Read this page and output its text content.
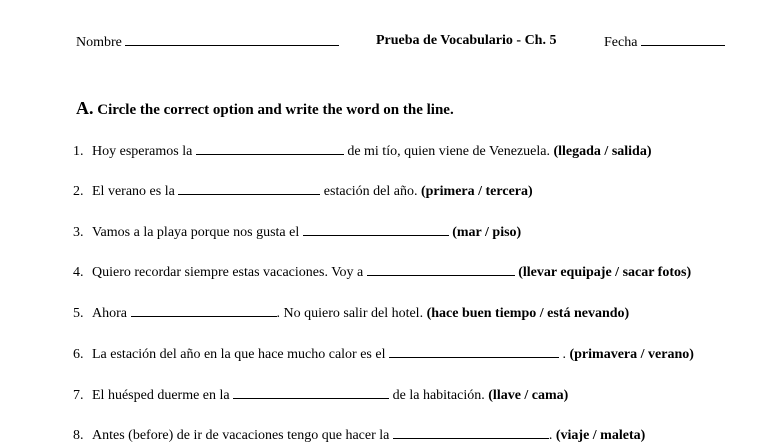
Nombre	Prueba de Vocabulario - Ch. 5	Fecha
A. Circle the correct option and write the word on the line.
1. Hoy esperamos la	de mi tío, quien viene de Venezuela. (llegada / salida)
2. El verano es la	estación del año. (primera / tercera)
3. Vamos a la playa porque nos gusta el	(mar / piso)
4. Quiero recordar siempre estas vacaciones. Voy a	(llevar equipaje / sacar fotos)
5. Ahora	. No quiero salir del hotel. (hace buen tiempo / está nevando)
6. La estación del año en la que hace mucho calor es el	. (primavera / verano)
7. El huésped duerme en la	de la habitación. (llave / cama)
8. Antes (before) de ir de vacaciones tengo que hacer la	. (viaje / maleta)
